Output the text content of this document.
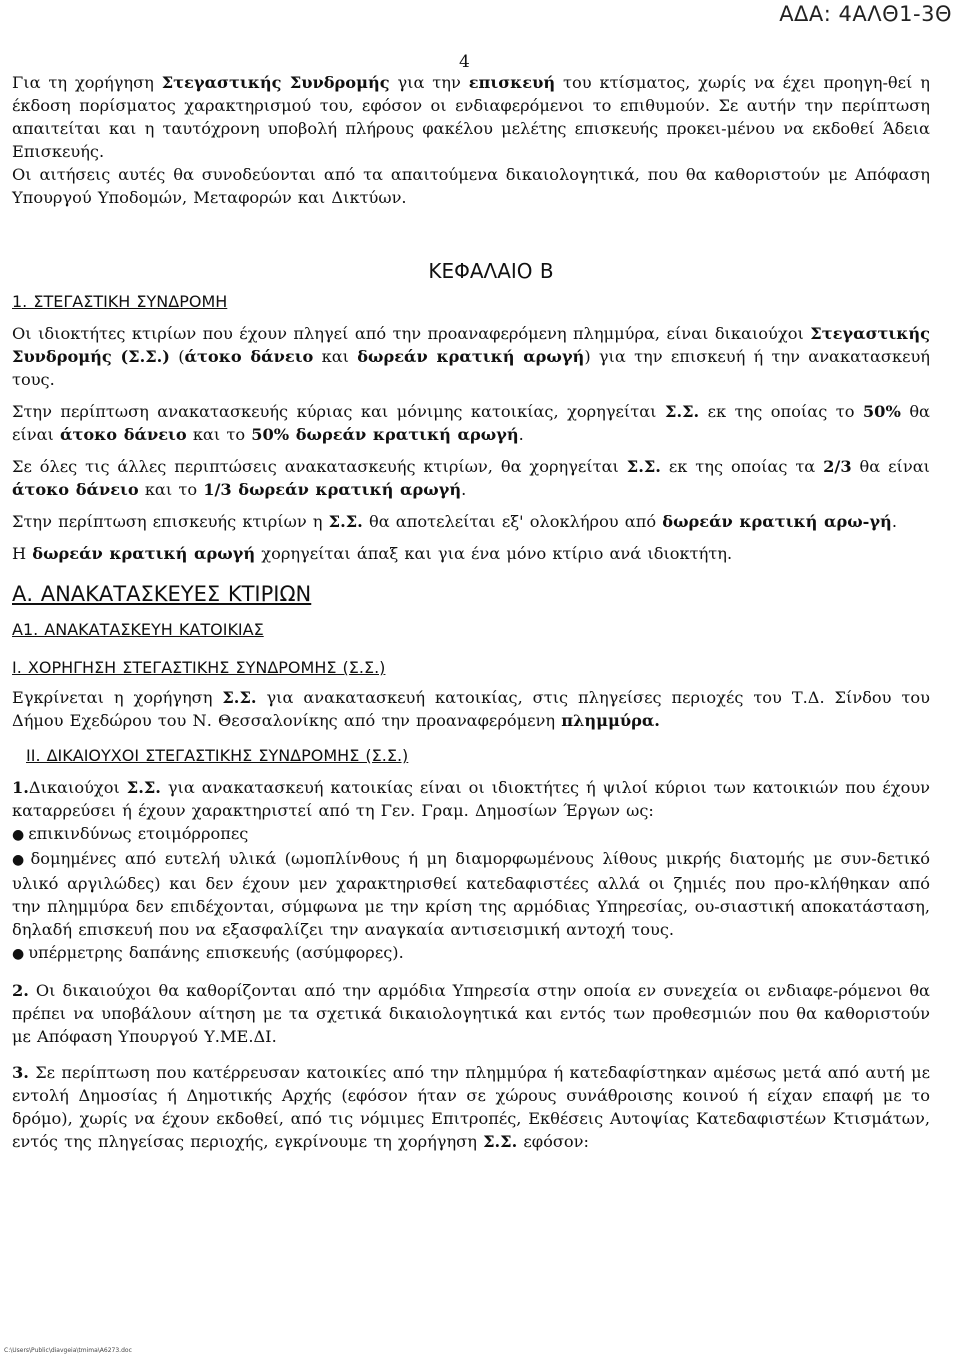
ΑΔΑ: 4ΑΛΘ1-3Θ
4

Για τη χορήγηση Στεγαστικής Συνδρομής για την επισκευή του κτίσματος, χωρίς να έχει προηγη-θεί η έκδοση πορίσματος χαρακτηρισμού του, εφόσον οι ενδιαφερόμενοι το επιθυμούν. Σε αυτήν την περίπτωση απαιτείται και η ταυτόχρονη υποβολή πλήρους φακέλου μελέτης επισκευής προκει-μένου να εκδοθεί Άδεια Επισκευής.

Οι αιτήσεις αυτές θα συνοδεύονται από τα απαιτούμενα δικαιολογητικά, που θα καθοριστούν με Απόφαση Υπουργού Υποδομών, Μεταφορών και Δικτύων.

ΚΕΦΑΛΑΙΟ Β
1. ΣΤΕΓΑΣΤΙΚΗ ΣΥΝΔΡΟΜΗ

Οι ιδιοκτήτες κτιρίων που έχουν πληγεί από την προαναφερόμενη πλημμύρα, είναι δικαιούχοι Στεγαστικής Συνδρομής (Σ.Σ.) (άτοκο δάνειο και δωρεάν κρατική αρωγή) για την επισκευή ή την ανακατασκευή τους.

Στην περίπτωση ανακατασκευής κύριας και μόνιμης κατοικίας, χορηγείται Σ.Σ. εκ της οποίας το 50% θα είναι άτοκο δάνειο και το 50% δωρεάν κρατική αρωγή.

Σε όλες τις άλλες περιπτώσεις ανακατασκευής κτιρίων, θα χορηγείται Σ.Σ. εκ της οποίας τα 2/3 θα είναι άτοκο δάνειο και το 1/3 δωρεάν κρατική αρωγή.

Στην περίπτωση επισκευής κτιρίων η Σ.Σ. θα αποτελείται εξ' ολοκλήρου από δωρεάν κρατική αρω-γή.

Η δωρεάν κρατική αρωγή χορηγείται άπαξ και για ένα μόνο κτίριο ανά ιδιοκτήτη.

Α. ΑΝΑΚΑΤΑΣΚΕΥΕΣ ΚΤΙΡΙΩΝ
Α1. ΑΝΑΚΑΤΑΣΚΕΥΗ ΚΑΤΟΙΚΙΑΣ
Ι. ΧΟΡΗΓΗΣΗ ΣΤΕΓΑΣΤΙΚΗΣ ΣΥΝΔΡΟΜΗΣ (Σ.Σ.)

Εγκρίνεται η χορήγηση Σ.Σ. για ανακατασκευή κατοικίας, στις πληγείσες περιοχές του Τ.Δ. Σίνδου του Δήμου Εχεδώρου του Ν. Θεσσαλονίκης από την προαναφερόμενη πλημμύρα.

ΙΙ. ΔΙΚΑΙΟΥΧΟΙ ΣΤΕΓΑΣΤΙΚΗΣ ΣΥΝΔΡΟΜΗΣ (Σ.Σ.)

1.Δικαιούχοι Σ.Σ. για ανακατασκευή κατοικίας είναι οι ιδιοκτήτες ή ψιλοί κύριοι των κατοικιών που έχουν καταρρεύσει ή έχουν χαρακτηριστεί από τη Γεν. Γραμ. Δημοσίων Έργων ως:

● επικινδύνως ετοιμόρροπες

● δομημένες από ευτελή υλικά (ωμοπλίνθους ή μη διαμορφωμένους λίθους μικρής διατομής με συν-δετικό υλικό αργιλώδες) και δεν έχουν μεν χαρακτηρισθεί κατεδαφιστέες αλλά οι ζημιές που προ-κλήθηκαν από την πλημμύρα δεν επιδέχονται, σύμφωνα με την κρίση της αρμόδιας Υπηρεσίας, ου-σιαστική αποκατάσταση, δηλαδή επισκευή που να εξασφαλίζει την αναγκαία αντισεισμική αντοχή τους.

● υπέρμετρης δαπάνης επισκευής (ασύμφορες).

2. Οι δικαιούχοι θα καθορίζονται από την αρμόδια Υπηρεσία στην οποία εν συνεχεία οι ενδιαφε-ρόμενοι θα πρέπει να υποβάλουν αίτηση με τα σχετικά δικαιολογητικά και εντός των προθεσμιών που θα καθοριστούν με Απόφαση Υπουργού Υ.ΜΕ.ΔΙ.

3. Σε περίπτωση που κατέρρευσαν κατοικίες από την πλημμύρα ή κατεδαφίστηκαν αμέσως μετά από αυτή με εντολή Δημοσίας ή Δημοτικής Αρχής (εφόσον ήταν σε χώρους συνάθροισης κοινού ή είχαν επαφή με το δρόμο), χωρίς να έχουν εκδοθεί, από τις νόμιμες Επιτροπές, Εκθέσεις Αυτοψίας Κατεδαφιστέων Κτισμάτων, εντός της πληγείσας περιοχής, εγκρίνουμε τη χορήγηση Σ.Σ. εφόσον:

C:\Users\Public\diavgeia\tmima\A6273.doc
